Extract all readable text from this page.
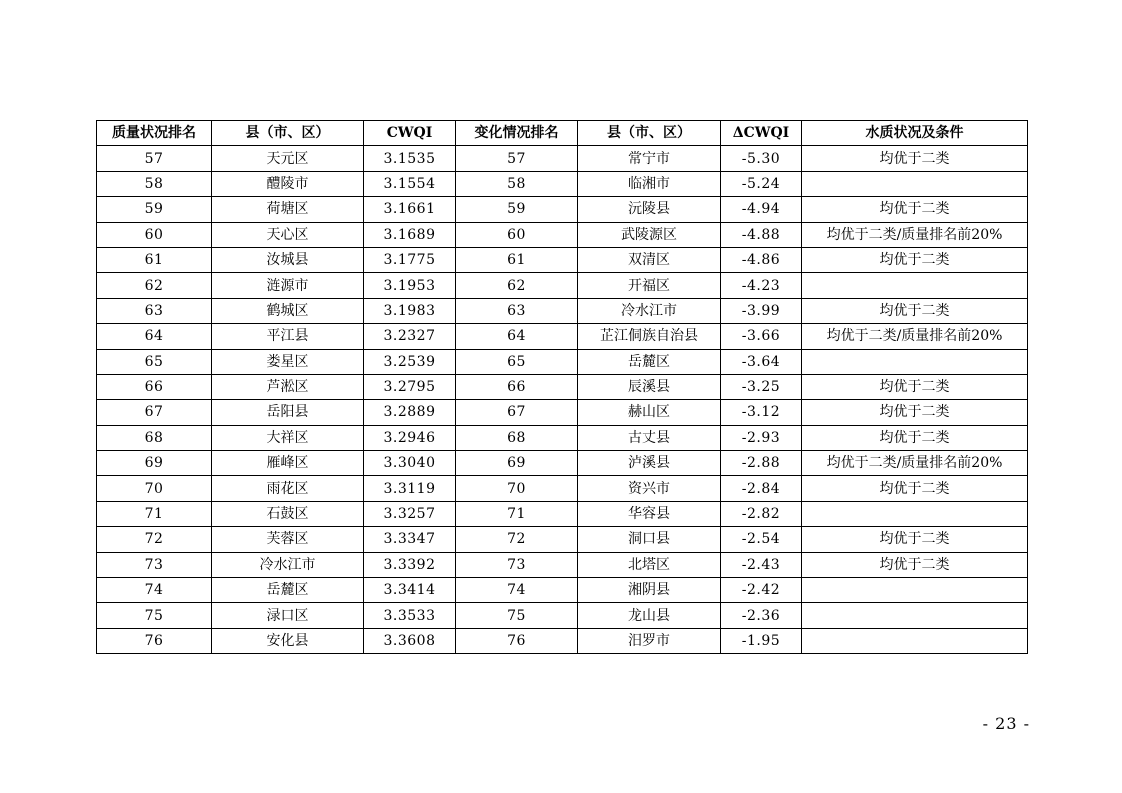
质量状况排名	县（市、区）	CWQI	变化情况排名	县（市、区）	ΔCWQI	水质状况及条件
57	天元区	3.1535	57	常宁市	-5.30	均优于二类
58	醴陵市	3.1554	58	临湘市	-5.24	
59	荷塘区	3.1661	59	沅陵县	-4.94	均优于二类
60	天心区	3.1689	60	武陵源区	-4.88	均优于二类/质量排名前20%
61	汝城县	3.1775	61	双清区	-4.86	均优于二类
62	涟源市	3.1953	62	开福区	-4.23	
63	鹤城区	3.1983	63	冷水江市	-3.99	均优于二类
64	平江县	3.2327	64	芷江侗族自治县	-3.66	均优于二类/质量排名前20%
65	娄星区	3.2539	65	岳麓区	-3.64	
66	芦淞区	3.2795	66	辰溪县	-3.25	均优于二类
67	岳阳县	3.2889	67	赫山区	-3.12	均优于二类
68	大祥区	3.2946	68	古丈县	-2.93	均优于二类
69	雁峰区	3.3040	69	泸溪县	-2.88	均优于二类/质量排名前20%
70	雨花区	3.3119	70	资兴市	-2.84	均优于二类
71	石鼓区	3.3257	71	华容县	-2.82	
72	芙蓉区	3.3347	72	洞口县	-2.54	均优于二类
73	冷水江市	3.3392	73	北塔区	-2.43	均优于二类
74	岳麓区	3.3414	74	湘阴县	-2.42	
75	渌口区	3.3533	75	龙山县	-2.36	
76	安化县	3.3608	76	汨罗市	-1.95	
- 23 -
